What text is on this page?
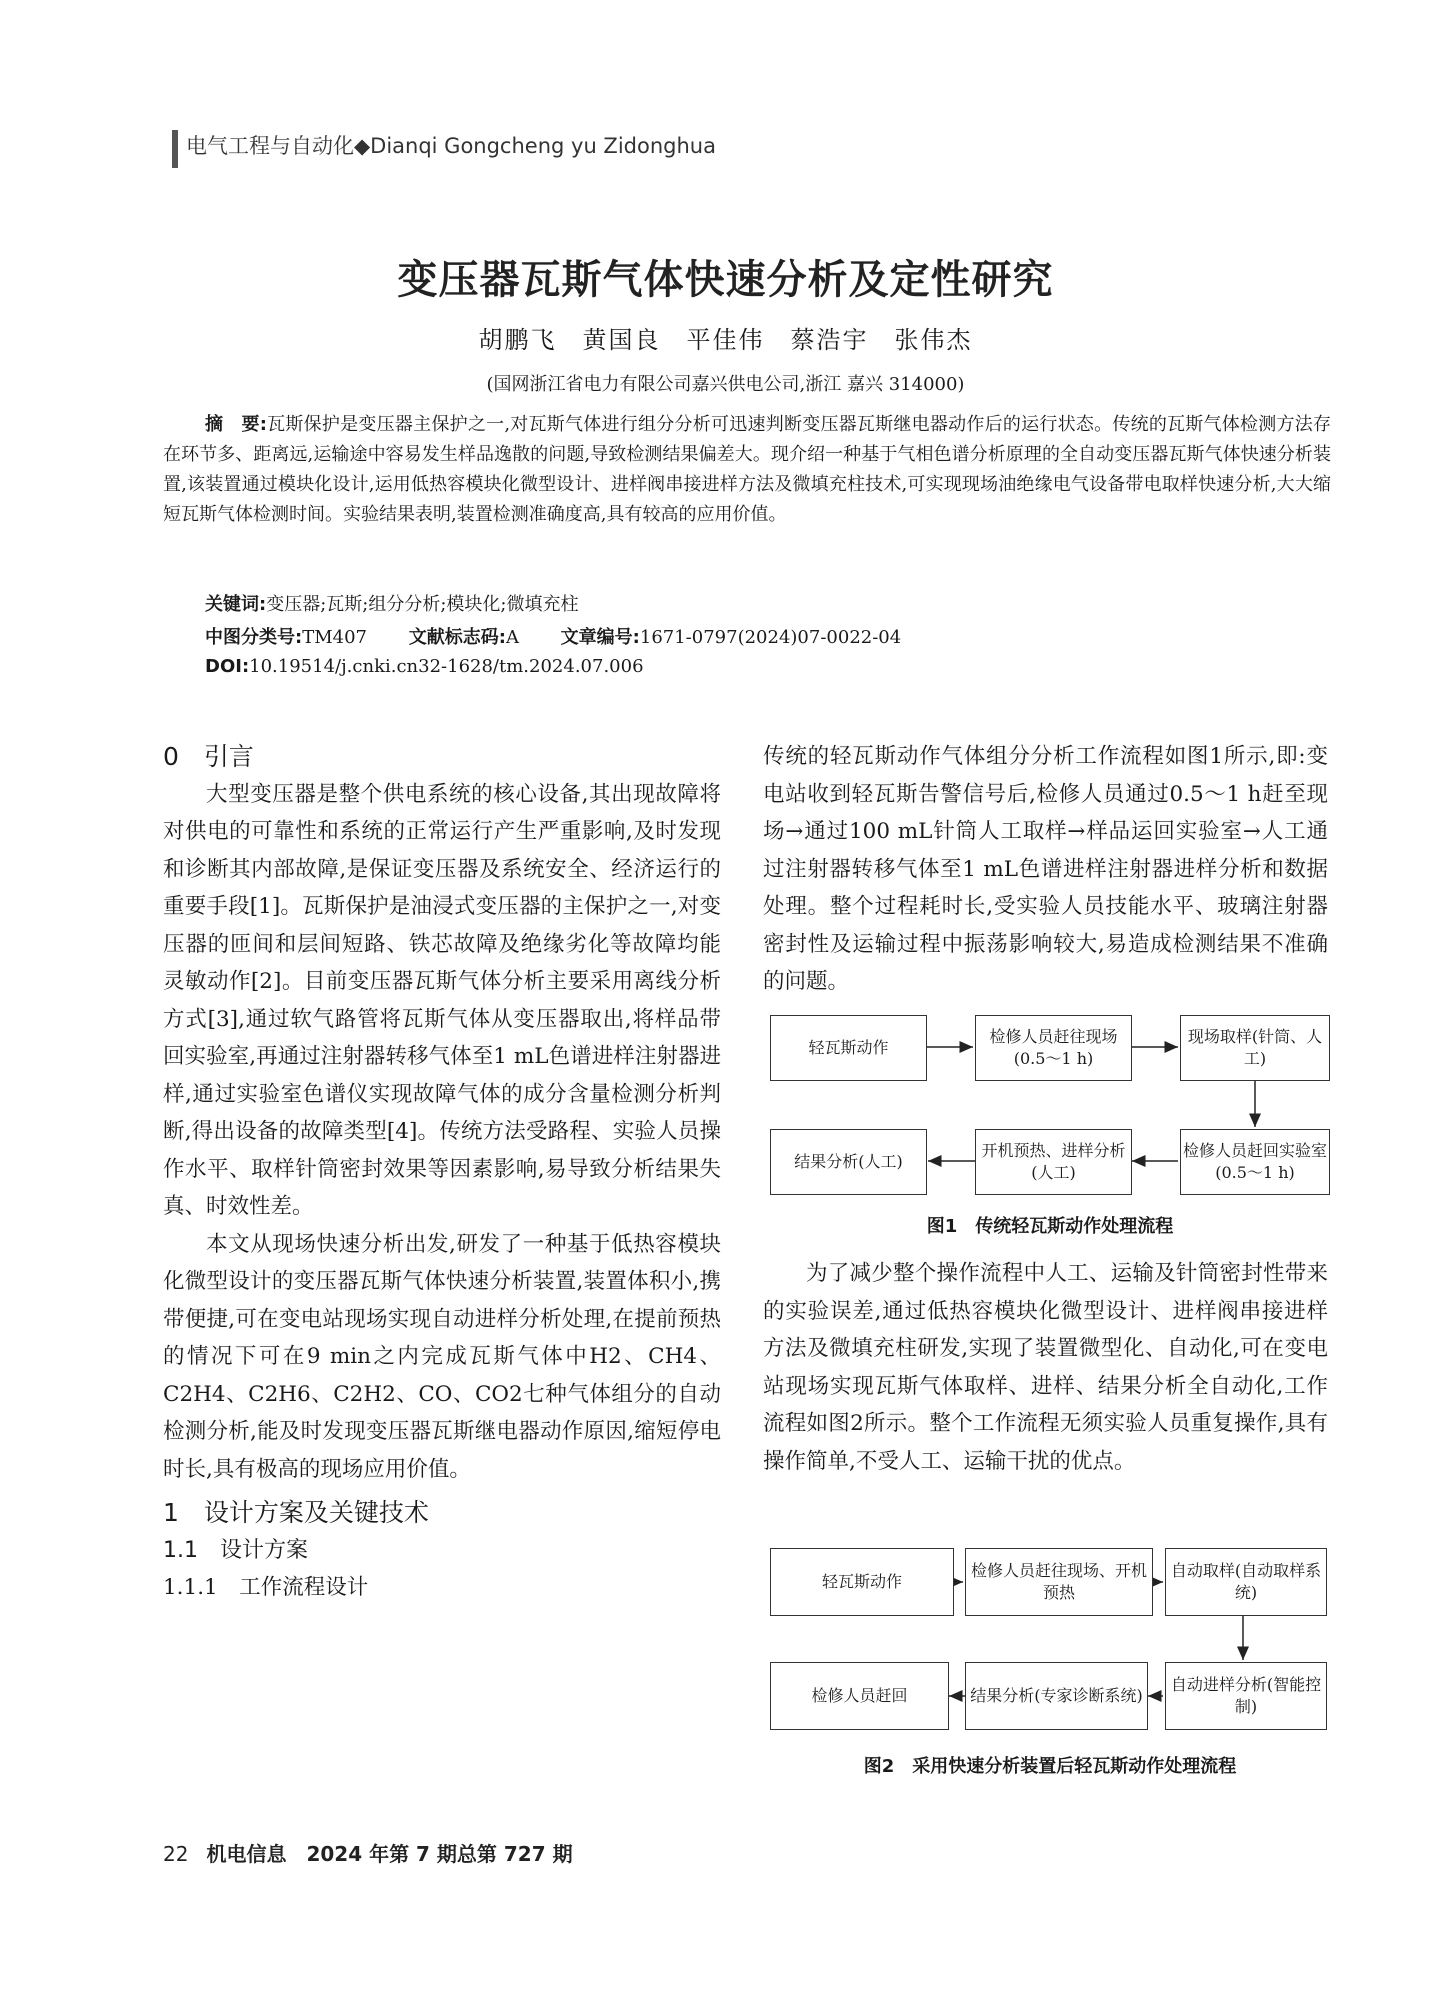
电气工程与自动化◆Dianqi Gongcheng yu Zidonghua
变压器瓦斯气体快速分析及定性研究
胡鹏飞　黄国良　平佳伟　蔡浩宇　张伟杰
(国网浙江省电力有限公司嘉兴供电公司,浙江 嘉兴 314000)
摘　要:瓦斯保护是变压器主保护之一,对瓦斯气体进行组分分析可迅速判断变压器瓦斯继电器动作后的运行状态。传统的瓦斯气体检测方法存在环节多、距离远,运输途中容易发生样品逸散的问题,导致检测结果偏差大。现介绍一种基于气相色谱分析原理的全自动变压器瓦斯气体快速分析装置,该装置通过模块化设计,运用低热容模块化微型设计、进样阀串接进样方法及微填充柱技术,可实现现场油绝缘电气设备带电取样快速分析,大大缩短瓦斯气体检测时间。实验结果表明,装置检测准确度高,具有较高的应用价值。
关键词:变压器;瓦斯;组分分析;模块化;微填充柱
中图分类号:TM407 文献标志码:A 文章编号:1671-0797(2024)07-0022-04
DOI:10.19514/j.cnki.cn32-1628/tm.2024.07.006

0　引言

大型变压器是整个供电系统的核心设备,其出现故障将对供电的可靠性和系统的正常运行产生严重影响,及时发现和诊断其内部故障,是保证变压器及系统安全、经济运行的重要手段[1]。瓦斯保护是油浸式变压器的主保护之一,对变压器的匝间和层间短路、铁芯故障及绝缘劣化等故障均能灵敏动作[2]。目前变压器瓦斯气体分析主要采用离线分析方式[3],通过软气路管将瓦斯气体从变压器取出,将样品带回实验室,再通过注射器转移气体至1 mL色谱进样注射器进样,通过实验室色谱仪实现故障气体的成分含量检测分析判断,得出设备的故障类型[4]。传统方法受路程、实验人员操作水平、取样针筒密封效果等因素影响,易导致分析结果失真、时效性差。

本文从现场快速分析出发,研发了一种基于低热容模块化微型设计的变压器瓦斯气体快速分析装置,装置体积小,携带便捷,可在变电站现场实现自动进样分析处理,在提前预热的情况下可在9 min之内完成瓦斯气体中H2、CH4、C2H4、C2H6、C2H2、CO、CO2七种气体组分的自动检测分析,能及时发现变压器瓦斯继电器动作原因,缩短停电时长,具有极高的现场应用价值。

1　设计方案及关键技术

1.1　设计方案

1.1.1　工作流程设计

传统的轻瓦斯动作气体组分分析工作流程如图1所示,即:变电站收到轻瓦斯告警信号后,检修人员通过0.5～1 h赶至现场→通过100 mL针筒人工取样→样品运回实验室→人工通过注射器转移气体至1 mL色谱进样注射器进样分析和数据处理。整个过程耗时长,受实验人员技能水平、玻璃注射器密封性及运输过程中振荡影响较大,易造成检测结果不准确的问题。

为了减少整个操作流程中人工、运输及针筒密封性带来的实验误差,通过低热容模块化微型设计、进样阀串接进样方法及微填充柱研发,实现了装置微型化、自动化,可在变电站现场实现瓦斯气体取样、进样、结果分析全自动化,工作流程如图2所示。整个工作流程无须实验人员重复操作,具有操作简单,不受人工、运输干扰的优点。

轻瓦斯动作
检修人员赶往现场(0.5～1 h)
现场取样(针筒、人工)
检修人员赶回实验室(0.5～1 h)
开机预热、进样分析(人工)
结果分析(人工)
图1　传统轻瓦斯动作处理流程
轻瓦斯动作
检修人员赶往现场、开机预热
自动取样(自动取样系统)
自动进样分析(智能控制)
结果分析(专家诊断系统)
检修人员赶回
图2　采用快速分析装置后轻瓦斯动作处理流程
22 机电信息　2024 年第 7 期总第 727 期
